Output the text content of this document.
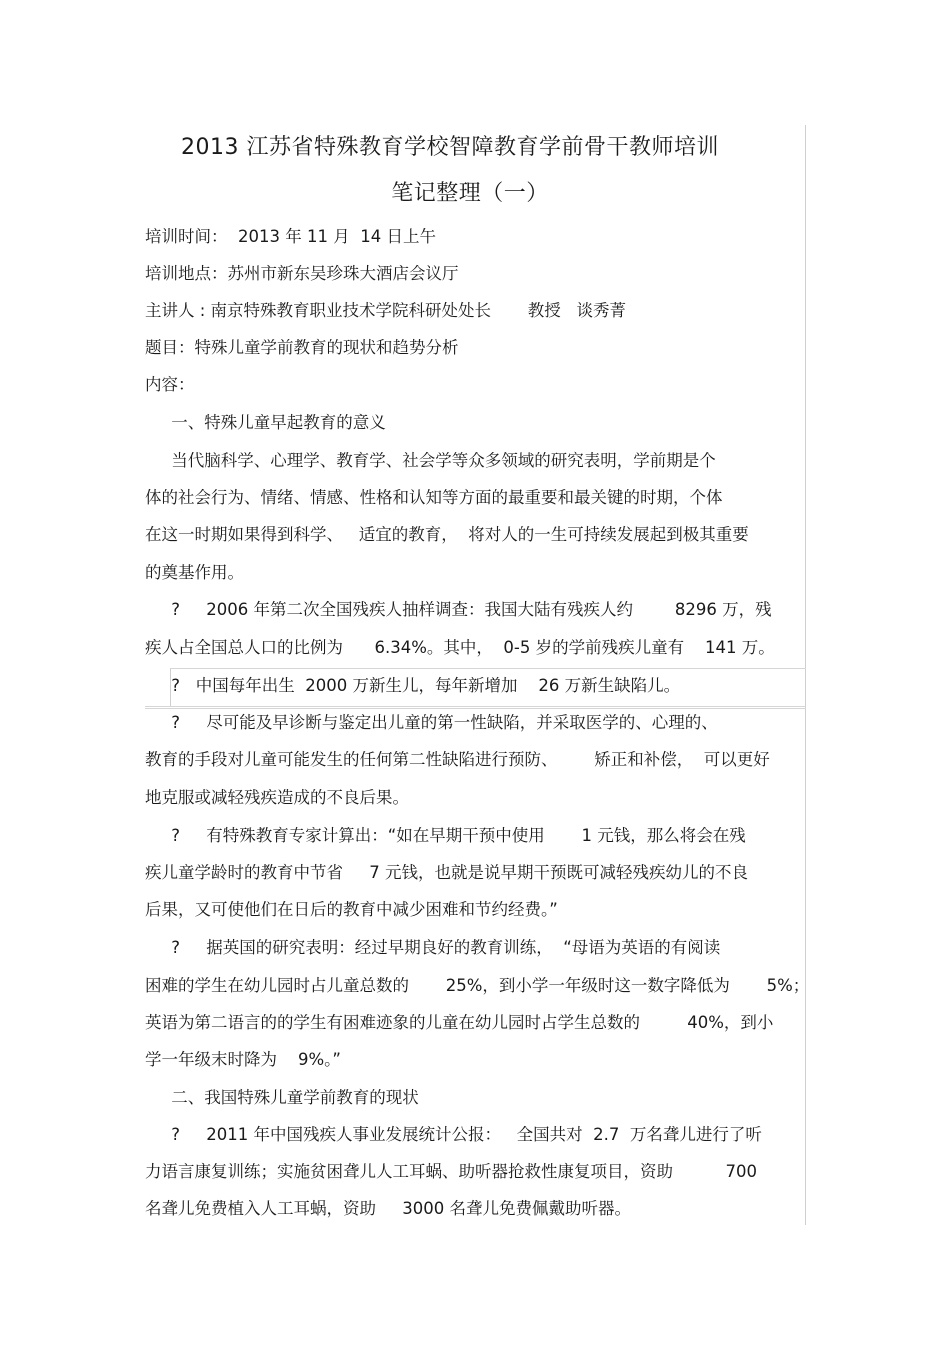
2013 江苏省特殊教育学校智障教育学前骨干教师培训
笔记整理（一）
培训时间：  2013 年 11 月  14 日上午
培训地点：苏州市新东吴珍珠大酒店会议厅
主讲人 : 南京特殊教育职业技术学院科研处处长       教授   谈秀菁
题目：特殊儿童学前教育的现状和趋势分析
内容：
一、特殊儿童早起教育的意义
当代脑科学、心理学、教育学、社会学等众多领域的研究表明，学前期是个
体的社会行为、情绪、情感、性格和认知等方面的最重要和最关键的时期，个体
在这一时期如果得到科学、   适宜的教育，  将对人的一生可持续发展起到极其重要
的奠基作用。
?     2006 年第二次全国残疾人抽样调查：我国大陆有残疾人约        8296 万，残
疾人占全国总人口的比例为      6.34%。其中，  0-5 岁的学前残疾儿童有    141 万。
?   中国每年出生  2000 万新生儿，每年新增加    26 万新生缺陷儿。
?     尽可能及早诊断与鉴定出儿童的第一性缺陷，并采取医学的、心理的、
教育的手段对儿童可能发生的任何第二性缺陷进行预防、       矫正和补偿，  可以更好
地克服或减轻残疾造成的不良后果。
?     有特殊教育专家计算出：“如在早期干预中使用       1 元钱，那么将会在残
疾儿童学龄时的教育中节省     7 元钱，也就是说早期干预既可减轻残疾幼儿的不良
后果，又可使他们在日后的教育中减少困难和节约经费。”
?     据英国的研究表明：经过早期良好的教育训练，  “母语为英语的有阅读
困难的学生在幼儿园时占儿童总数的       25%，到小学一年级时这一数字降低为       5%；
英语为第二语言的的学生有困难迹象的儿童在幼儿园时占学生总数的         40%，到小
学一年级末时降为    9%。”
二、我国特殊儿童学前教育的现状
?     2011 年中国残疾人事业发展统计公报：   全国共对  2.7  万名聋儿进行了听
力语言康复训练；实施贫困聋儿人工耳蜗、助听器抢救性康复项目，资助          700
名聋儿免费植入人工耳蜗，资助     3000 名聋儿免费佩戴助听器。
